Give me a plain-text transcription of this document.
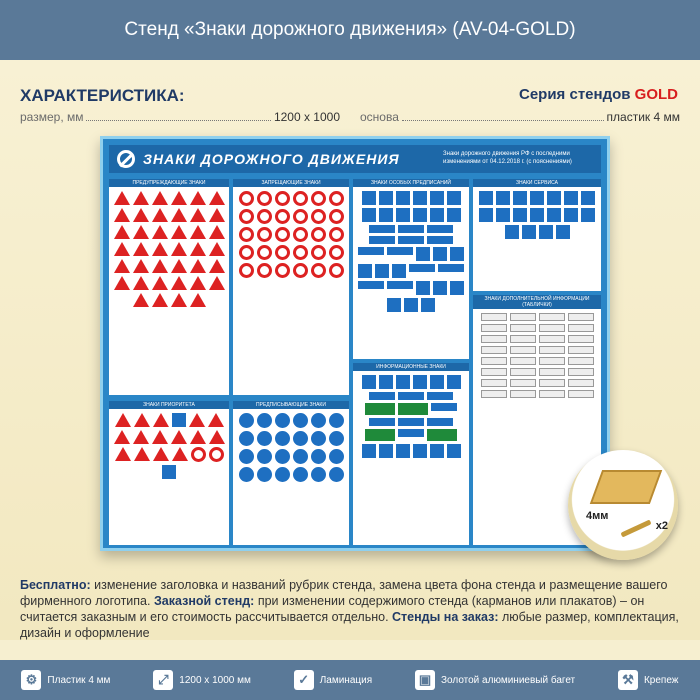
Стенд «Знаки дорожного движения» (AV-04-GOLD)
ХАРАКТЕРИСТИКА:	Серия стендов GOLD
размер, мм	1200 х 1000 основа	пластик 4 мм
ЗНАКИ ДОРОЖНОГО ДВИЖЕНИЯ	Знаки дорожного движения РФ с последними изменениями от 04.12.2018 г. (с пояснениями)
ПРЕДУПРЕЖДАЮЩИЕ ЗНАКИ	ЗАПРЕЩАЮЩИЕ ЗНАКИ	ЗНАКИ ОСОБЫХ ПРЕДПИСАНИЙ	ЗНАКИ СЕРВИСА
ЗНАКИ ДОПОЛНИТЕЛЬНОЙ ИНФОРМАЦИИ (ТАБЛИЧКИ)
ЗНАКИ ПРИОРИТЕТА	ПРЕДПИСЫВАЮЩИЕ ЗНАКИ
ИНФОРМАЦИОННЫЕ ЗНАКИ
4мм
x2
Бесплатно: изменение заголовка и названий рубрик стенда, замена цвета фона стенда и размещение вашего фирменного логотипа. Заказной стенд: при изменении содержимого стенда (карманов или плакатов) – он считается заказным и его стоимость рассчитывается отдельно. Стенды на заказ: любые размер, комплектация, дизайн и оформление
⚙	Пластик 4 мм	⤢	1200 х 1000 мм	✓	Ламинация	▣ Золотой алюминиевый багет	⚒	Крепеж
